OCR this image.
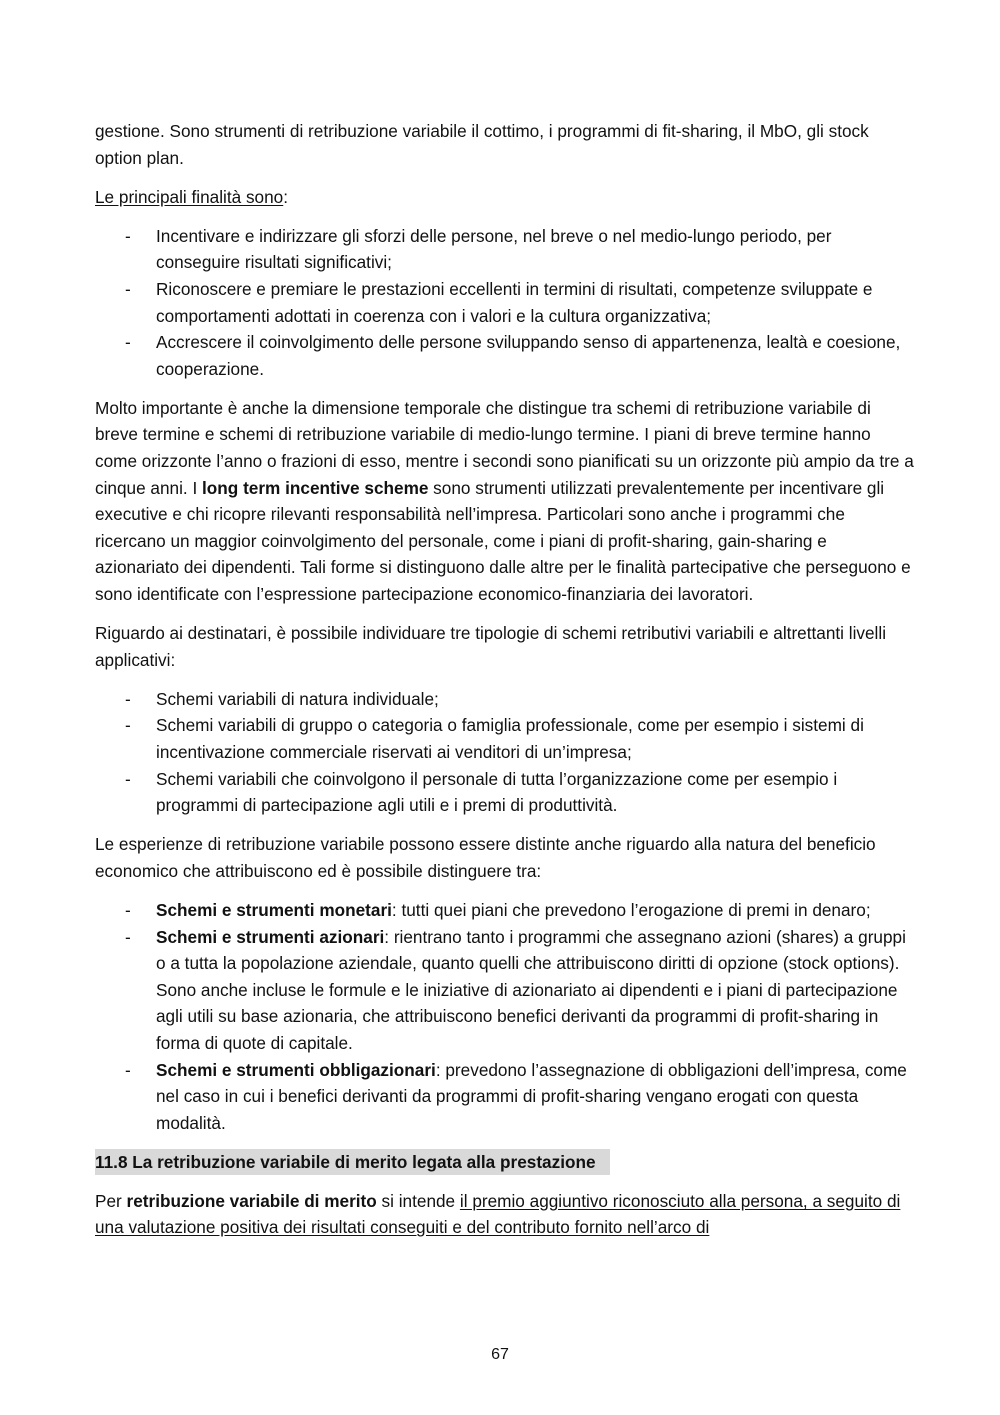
gestione. Sono strumenti di retribuzione variabile il cottimo, i programmi di fit-sharing, il MbO, gli stock option plan.

Le principali finalità sono:

- Incentivare e indirizzare gli sforzi delle persone, nel breve o nel medio-lungo periodo, per conseguire risultati significativi;
- Riconoscere e premiare le prestazioni eccellenti in termini di risultati, competenze sviluppate e comportamenti adottati in coerenza con i valori e la cultura organizzativa;
- Accrescere il coinvolgimento delle persone sviluppando senso di appartenenza, lealtà e coesione, cooperazione.

Molto importante è anche la dimensione temporale che distingue tra schemi di retribuzione variabile di breve termine e schemi di retribuzione variabile di medio-lungo termine. I piani di breve termine hanno come orizzonte l’anno o frazioni di esso, mentre i secondi sono pianificati su un orizzonte più ampio da tre a cinque anni. I long term incentive scheme sono strumenti utilizzati prevalentemente per incentivare gli executive e chi ricopre rilevanti responsabilità nell’impresa. Particolari sono anche i programmi che ricercano un maggior coinvolgimento del personale, come i piani di profit-sharing, gain-sharing e azionariato dei dipendenti. Tali forme si distinguono dalle altre per le finalità partecipative che perseguono e sono identificate con l’espressione partecipazione economico-finanziaria dei lavoratori.

Riguardo ai destinatari, è possibile individuare tre tipologie di schemi retributivi variabili e altrettanti livelli applicativi:

- Schemi variabili di natura individuale;
- Schemi variabili di gruppo o categoria o famiglia professionale, come per esempio i sistemi di incentivazione commerciale riservati ai venditori di un’impresa;
- Schemi variabili che coinvolgono il personale di tutta l’organizzazione come per esempio i programmi di partecipazione agli utili e i premi di produttività.

Le esperienze di retribuzione variabile possono essere distinte anche riguardo alla natura del beneficio economico che attribuiscono ed è possibile distinguere tra:

- Schemi e strumenti monetari: tutti quei piani che prevedono l’erogazione di premi in denaro;
- Schemi e strumenti azionari: rientrano tanto i programmi che assegnano azioni (shares) a gruppi o a tutta la popolazione aziendale, quanto quelli che attribuiscono diritti di opzione (stock options). Sono anche incluse le formule e le iniziative di azionariato ai dipendenti e i piani di partecipazione agli utili su base azionaria, che attribuiscono benefici derivanti da programmi di profit-sharing in forma di quote di capitale.
- Schemi e strumenti obbligazionari: prevedono l’assegnazione di obbligazioni dell’impresa, come nel caso in cui i benefici derivanti da programmi di profit-sharing vengano erogati con questa modalità.
11.8 La retribuzione variabile di merito legata alla prestazione

Per retribuzione variabile di merito si intende il premio aggiuntivo riconosciuto alla persona, a seguito di una valutazione positiva dei risultati conseguiti e del contributo fornito nell’arco di

67
